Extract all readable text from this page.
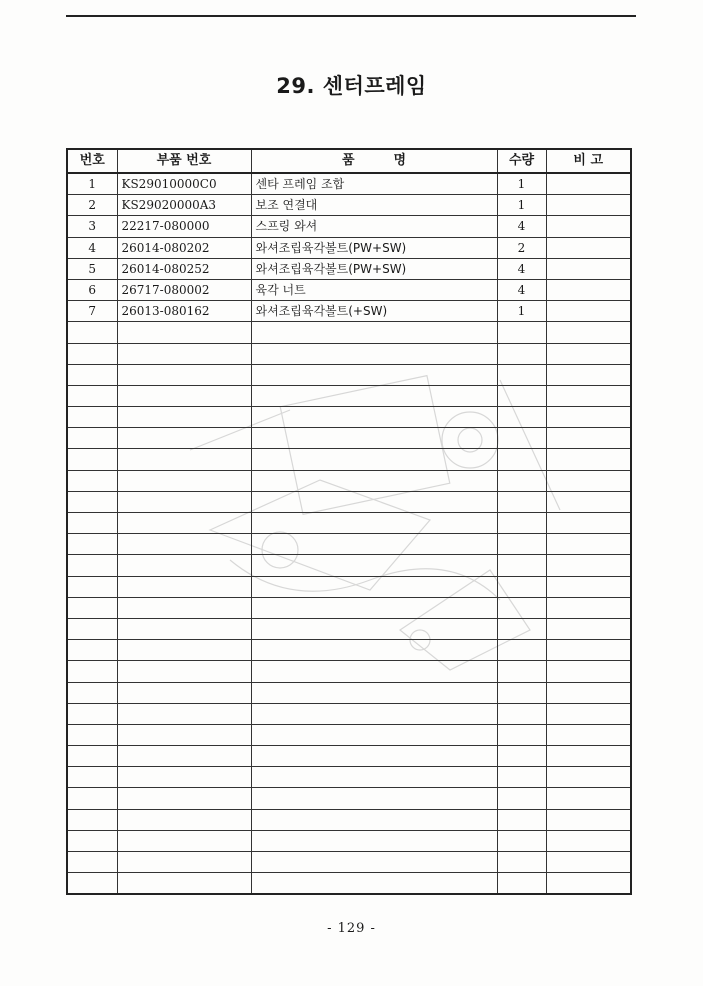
29. 센터프레임
번호	부품 번호	품　　　명	수량	비 고
1	KS29010000C0	센타 프레임 조합	1	
2	KS29020000A3	보조 연결대	1	
3	22217-080000	스프링 와셔	4	
4	26014-080202	와셔조립육각볼트(PW+SW)	2	
5	26014-080252	와셔조립육각볼트(PW+SW)	4	
6	26717-080002	육각 너트	4	
7	26013-080162	와셔조립육각볼트(+SW)	1	

- 129 -
